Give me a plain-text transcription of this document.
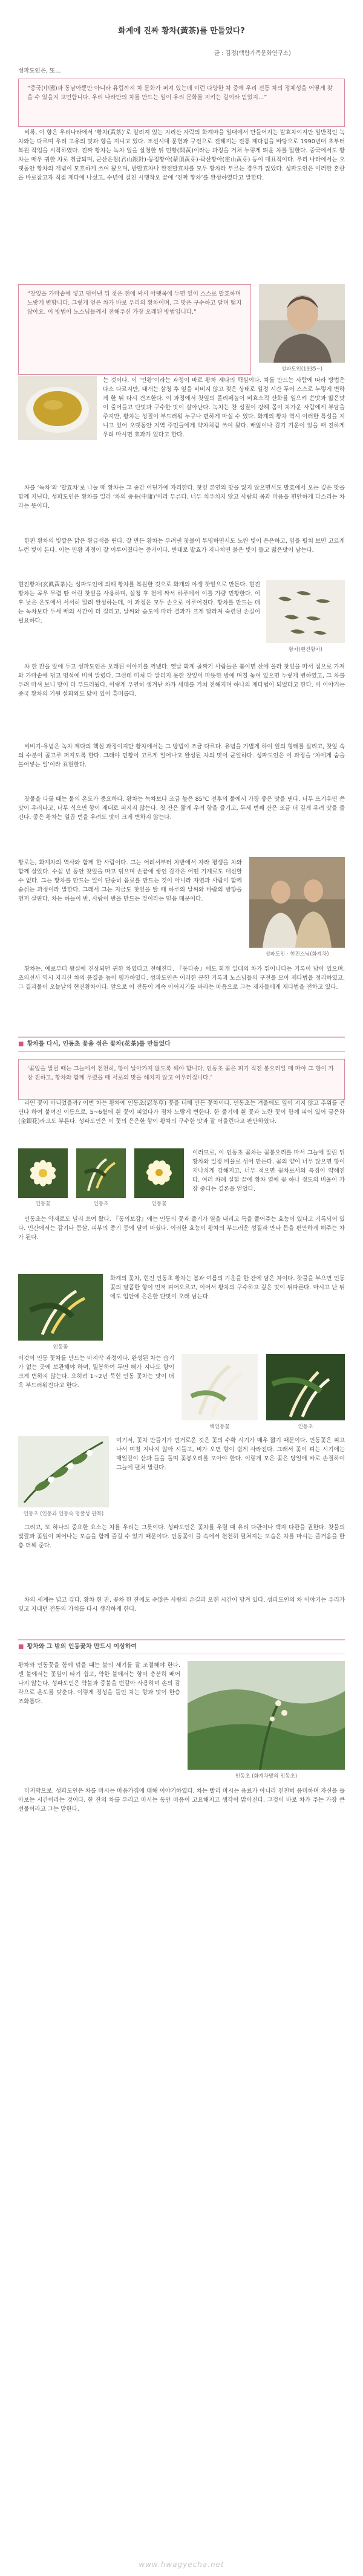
화계에 진짜 황차(黃茶)를 만들었다?
글 : 김정(백합가족문화연구소)

성파도인은, 또…

“중국(中國)과 동남아뿐만 아니라 유럽까지 차 문화가 퍼져 있는데 이런 다양한 차 중에 우리 전통 차의 정체성을 어떻게 찾을 수 있을지 고민합니다. 우리 나라만의 차를 만드는 일이 우리 문화를 지키는 길이라 믿었지…”

비록, 이 향은 우리나라에서 ‘황차(黃茶)’로 알려져 있는 지리산 자락의 화계마을 일대에서 만들어지는 발효차이지만 일반적인 녹차와는 다르며 우리 고유의 맛과 향을 지니고 있다. 조선시대 문헌과 구전으로 전해지는 전통 제다법을 바탕으로 1990년대 초부터 복원 작업을 시작하였다. 진짜 황차는 녹차 잎을 살청한 뒤 민황(悶黃)이라는 과정을 거쳐 누렇게 띄운 차를 말한다. 중국에서도 황차는 매우 귀한 차로 취급되며, 군산은침(君山銀針)·몽정황아(蒙頂黃芽)·곽산황아(霍山黃芽) 등이 대표적이다. 우리 나라에서는 오랫동안 황차의 개념이 모호하게 쓰여 왔으며, 반발효차나 완전발효차를 모두 황차라 부르는 경우가 많았다. 성파도인은 이러한 혼란을 바로잡고자 직접 제다에 나섰고, 수년에 걸친 시행착오 끝에 ‘진짜 황차’를 완성하였다고 말한다.

“찻잎을 가마솥에 넣고 덖어낸 뒤 젖은 천에 싸서 아랫목에 두면 잎이 스스로 발효하며 노랗게 변합니다. 그렇게 얻은 차가 바로 우리의 황차이며, 그 맛은 구수하고 달며 떫지 않아요. 이 방법이 노스님들께서 전해주신 가장 오래된 방법입니다.”

성파도인(1935~)

는 것이다. 이 ‘민황’이라는 과정이 바로 황차 제다의 핵심이다. 차를 만드는 사람에 따라 방법은 다소 다르지만, 대개는 살청 후 잎을 비비지 않고 젖은 상태로 일정 시간 두어 스스로 누렇게 변하게 한 뒤 다시 건조한다. 이 과정에서 찻잎의 폴리페놀이 비효소적 산화를 일으켜 쓴맛과 떫은맛이 줄어들고 단맛과 구수한 맛이 살아난다. 녹차는 찬 성질이 강해 몸이 차가운 사람에게 부담을 주지만, 황차는 성질이 부드러워 누구나 편하게 마실 수 있다. 화계의 황차 역시 이러한 특성을 지니고 있어 오랫동안 지역 주민들에게 약차처럼 쓰여 왔다. 배앓이나 감기 기운이 있을 때 진하게 우려 마시면 효과가 있다고 한다.

차를 ‘녹차’와 ‘발효차’로 나눌 때 황차는 그 중간 어딘가에 자리한다. 찻잎 본연의 맛을 잃지 않으면서도 발효에서 오는 깊은 맛을 함께 지닌다. 성파도인은 황차를 일러 ‘차의 중용(中庸)’이라 부른다. 너무 치우치지 않고 사람의 몸과 마음을 편안하게 다스리는 차라는 뜻이다.

한편 황차의 빛깔은 맑은 황금색을 띤다. 잘 만든 황차는 우려낸 찻물이 투명하면서도 노란 빛이 은은하고, 잎을 펼쳐 보면 고르게 누런 빛이 돈다. 이는 민황 과정이 잘 이루어졌다는 증거이다. 반대로 발효가 지나치면 붉은 빛이 돌고 떫은맛이 남는다.

현진황차(玄眞黃茶)는 성파도인에 의해 황차를 복원한 것으로 화개의 야생 찻잎으로 만든다. 현진황차는 곡우 무렵 딴 어린 찻잎을 사용하며, 살청 후 천에 싸서 하루에서 이틀 가량 민황한다. 이후 낮은 온도에서 서서히 말려 완성하는데, 이 과정은 모두 손으로 이루어진다. 황차를 만드는 데는 녹차보다 두세 배의 시간이 더 걸리고, 날씨와 습도에 따라 결과가 크게 달라져 숙련된 손길이 필요하다.

황차(현진황차)

차 한 잔을 앞에 두고 성파도인은 오래된 이야기를 꺼냈다. 옛날 화계 골짜기 사람들은 봄이면 산에 올라 찻잎을 따서 집으로 가져와 가마솥에 덖고 멍석에 비벼 말렸다. 그런데 미처 다 말리지 못한 찻잎이 따뜻한 방에 며칠 놓여 있으면 누렇게 변하였고, 그 차를 우려 마셔 보니 맛이 더 부드러웠다. 이렇게 우연히 생겨난 차가 세대를 거쳐 전해지며 하나의 제다법이 되었다고 한다. 이 이야기는 중국 황차의 기원 설화와도 닮아 있어 흥미롭다.

비비기-유념은 녹차 제다의 핵심 과정이지만 황차에서는 그 방법이 조금 다르다. 유념을 가볍게 하여 잎의 형태를 살리고, 찻잎 속의 수분이 골고루 퍼지도록 한다. 그래야 민황이 고르게 일어나고 완성된 차의 맛이 균일하다. 성파도인은 이 과정을 ‘차에게 숨을 불어넣는 일’이라 표현한다.

찻물을 다룰 때는 물의 온도가 중요하다. 황차는 녹차보다 조금 높은 85℃ 전후의 물에서 가장 좋은 맛을 낸다. 너무 뜨거우면 쓴맛이 우러나고, 너무 식으면 향이 제대로 퍼지지 않는다. 첫 잔은 짧게 우려 향을 즐기고, 두세 번째 잔은 조금 더 길게 우려 맛을 즐긴다. 좋은 황차는 일곱 번을 우려도 맛이 크게 변하지 않는다.

황로는, 화계차의 역사와 함께 한 사람이다. 그는 어려서부터 차밭에서 자라 평생을 차와 함께 살았다. 수십 년 동안 찻잎을 따고 덖으며 손끝에 쌓인 감각은 어떤 기계로도 대신할 수 없다. 그는 황차를 만드는 일이 단순히 음료를 만드는 것이 아니라 자연과 사람이 함께 숨쉬는 과정이라 말한다. 그래서 그는 지금도 찻잎을 딸 때 하루의 날씨와 바람의 방향을 먼저 살핀다. 차는 하늘이 반, 사람이 반을 만드는 것이라는 믿음 때문이다.

성파도인 · 현진스님(화계차)

황차는, 예로부터 왕실에 진상되던 귀한 차였다고 전해진다. 『동다송』에도 화개 일대의 차가 뛰어나다는 기록이 남아 있으며, 초의선사 역시 지리산 차의 품질을 높이 평가하였다. 성파도인은 이러한 문헌 기록과 노스님들의 구전을 모아 제다법을 정리하였고, 그 결과물이 오늘날의 현진황차이다. 앞으로 이 전통이 계속 이어지기를 바라는 마음으로 그는 제자들에게 제다법을 전하고 있다.

■ 황차를 다시, 인동초 꽃을 섞은 꽃차(花茶)를 만들었다

‘꽃잎을 말릴 때는 그늘에서 천천히, 향이 날아가지 않도록 해야 합니다. 인동초 꽃은 피기 직전 봉오리일 때 따야 그 향이 가장 진하고, 황차와 함께 우렸을 때 서로의 맛을 해치지 않고 어우러집니다.’

과연 꽃이 아니었을까? 이번 차는 황차에 인동초(忍冬草) 꽃을 더해 만든 꽃차이다. 인동초는 겨울에도 잎이 지지 않고 추위를 견딘다 하여 붙여진 이름으로, 5~6월에 흰 꽃이 피었다가 점차 노랗게 변한다. 한 줄기에 흰 꽃과 노란 꽃이 함께 피어 있어 금은화(金銀花)라고도 부른다. 성파도인은 이 꽃의 은은한 향이 황차의 구수한 맛과 잘 어울린다고 판단하였다.

인동꽃	인동초	인동꽃

이러므로, 이 인동초 꽃차는 꽃봉오리를 따서 그늘에 말린 뒤 황차와 일정 비율로 섞어 만든다. 꽃의 양이 너무 많으면 향이 지나치게 강해지고, 너무 적으면 꽃차로서의 특징이 약해진다. 여러 차례 실험 끝에 황차 열에 꽃 하나 정도의 비율이 가장 좋다는 결론을 얻었다.

인동초는 약재로도 널리 쓰여 왔다. 『동의보감』에는 인동의 꽃과 줄기가 열을 내리고 독을 풀어주는 효능이 있다고 기록되어 있다. 민간에서는 감기나 몸살, 피부의 종기 등에 달여 마셨다. 이러한 효능이 황차의 부드러운 성질과 만나 몸을 편안하게 해주는 차가 된다.

인동꽃

화계의 꽃차, 현진 인동초 황차는 봄과 여름의 기운을 한 잔에 담은 차이다. 찻물을 부으면 인동꽃의 달콤한 향이 먼저 피어오르고, 이어서 황차의 구수하고 깊은 맛이 뒤따른다. 마시고 난 뒤에도 입안에 은은한 단맛이 오래 남는다.

백인동꽃	인동초

이것이 인동 꽃차를 만드는 마지막 과정이다. 완성된 차는 습기가 없는 곳에 보관해야 하며, 밀봉하여 두면 해가 지나도 향이 크게 변하지 않는다. 오히려 1~2년 묵힌 인동 꽃차는 맛이 더욱 부드러워진다고 한다.

인동초 (인동과 인동속 덩굴성 관목)

여기서, 꽃차 만들기가 번거로운 것은 꽃의 수확 시기가 매우 짧기 때문이다. 인동꽃은 피고 나서 며칠 지나지 않아 시들고, 비가 오면 향이 쉽게 사라진다. 그래서 꽃이 피는 시기에는 매일같이 산과 들을 돌며 꽃봉오리를 모아야 한다. 이렇게 모은 꽃은 당일에 바로 손질하여 그늘에 펼쳐 말린다.

그리고, 또 하나의 중요한 요소는 차를 우리는 그릇이다. 성파도인은 꽃차를 우릴 때 유리 다관이나 백자 다관을 권한다. 찻물의 빛깔과 꽃잎이 피어나는 모습을 함께 즐길 수 있기 때문이다. 인동꽃이 물 속에서 천천히 펼쳐지는 모습은 차를 마시는 즐거움을 한층 더해 준다.

차의 세계는 넓고 깊다. 황차 한 잔, 꽃차 한 잔에도 수많은 사람의 손길과 오랜 시간이 담겨 있다. 성파도인의 차 이야기는 우리가 잊고 지내던 전통의 가치를 다시 생각하게 한다.

■ 황차와 그 밖의 인동꽃차 만드시 이상하여

황차와 인동꽃을 함께 덖을 때는 불의 세기를 잘 조절해야 한다. 센 불에서는 꽃잎이 타기 쉽고, 약한 불에서는 향이 충분히 배어나지 않는다. 성파도인은 약불과 중불을 번갈아 사용하며 손의 감각으로 온도를 맞춘다. 이렇게 정성을 들인 차는 향과 맛이 한층 조화롭다.

인동초 (화계차밭의 인동초)

마지막으로, 성파도인은 차를 마시는 마음가짐에 대해 이야기하였다. 차는 빨리 마시는 음료가 아니라 천천히 음미하며 자신을 돌아보는 시간이라는 것이다. 한 잔의 차를 우리고 마시는 동안 마음이 고요해지고 생각이 맑아진다. 그것이 바로 차가 주는 가장 큰 선물이라고 그는 말한다.

www.hwagyecha.net
